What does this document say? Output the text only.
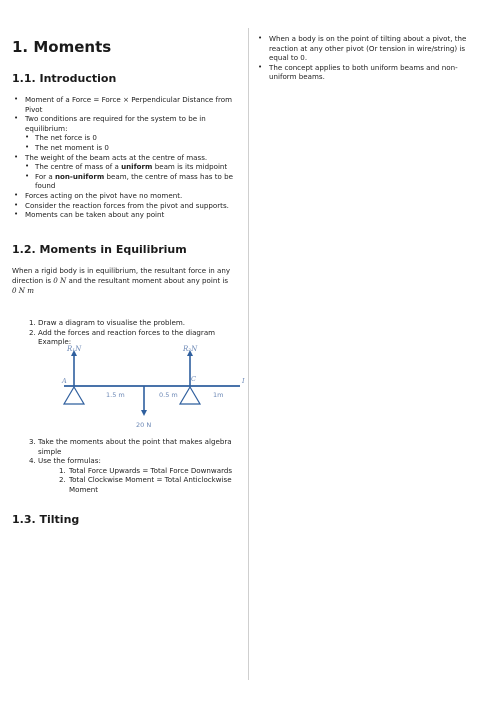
1. Moments
1.1. Introduction
• Moment of a Force = Force × Perpendicular Distance from Pivot
• Two conditions are required for the system to be in equilibrium:
• The net force is 0
• The net moment is 0
• The weight of the beam acts at the centre of mass.
• The centre of mass of a uniform beam is its midpoint
• For a non-uniform beam, the centre of mass has to be found
• Forces acting on the pivot have no moment.
• Consider the reaction forces from the pivot and supports.
• Moments can be taken about any point
1.2. Moments in Equilibrium
When a rigid body is in equilibrium, the resultant force in any direction is 0 N and the resultant moment about any point is 0 N m
1. Draw a diagram to visualise the problem.
2. Add the forces and reaction forces to the diagram
Example:
R₁N	R₂N
A	C	I
1.5 m	0.5 m	1m
20 N
3. Take the moments about the point that makes algebra simple
4. Use the formulas:
1. Total Force Upwards = Total Force Downwards
2. Total Clockwise Moment = Total Anticlockwise Moment
1.3. Tilting
• When a body is on the point of tilting about a pivot, the reaction at any other pivot (Or tension in wire/string) is equal to 0.
• The concept applies to both uniform beams and non-uniform beams.
